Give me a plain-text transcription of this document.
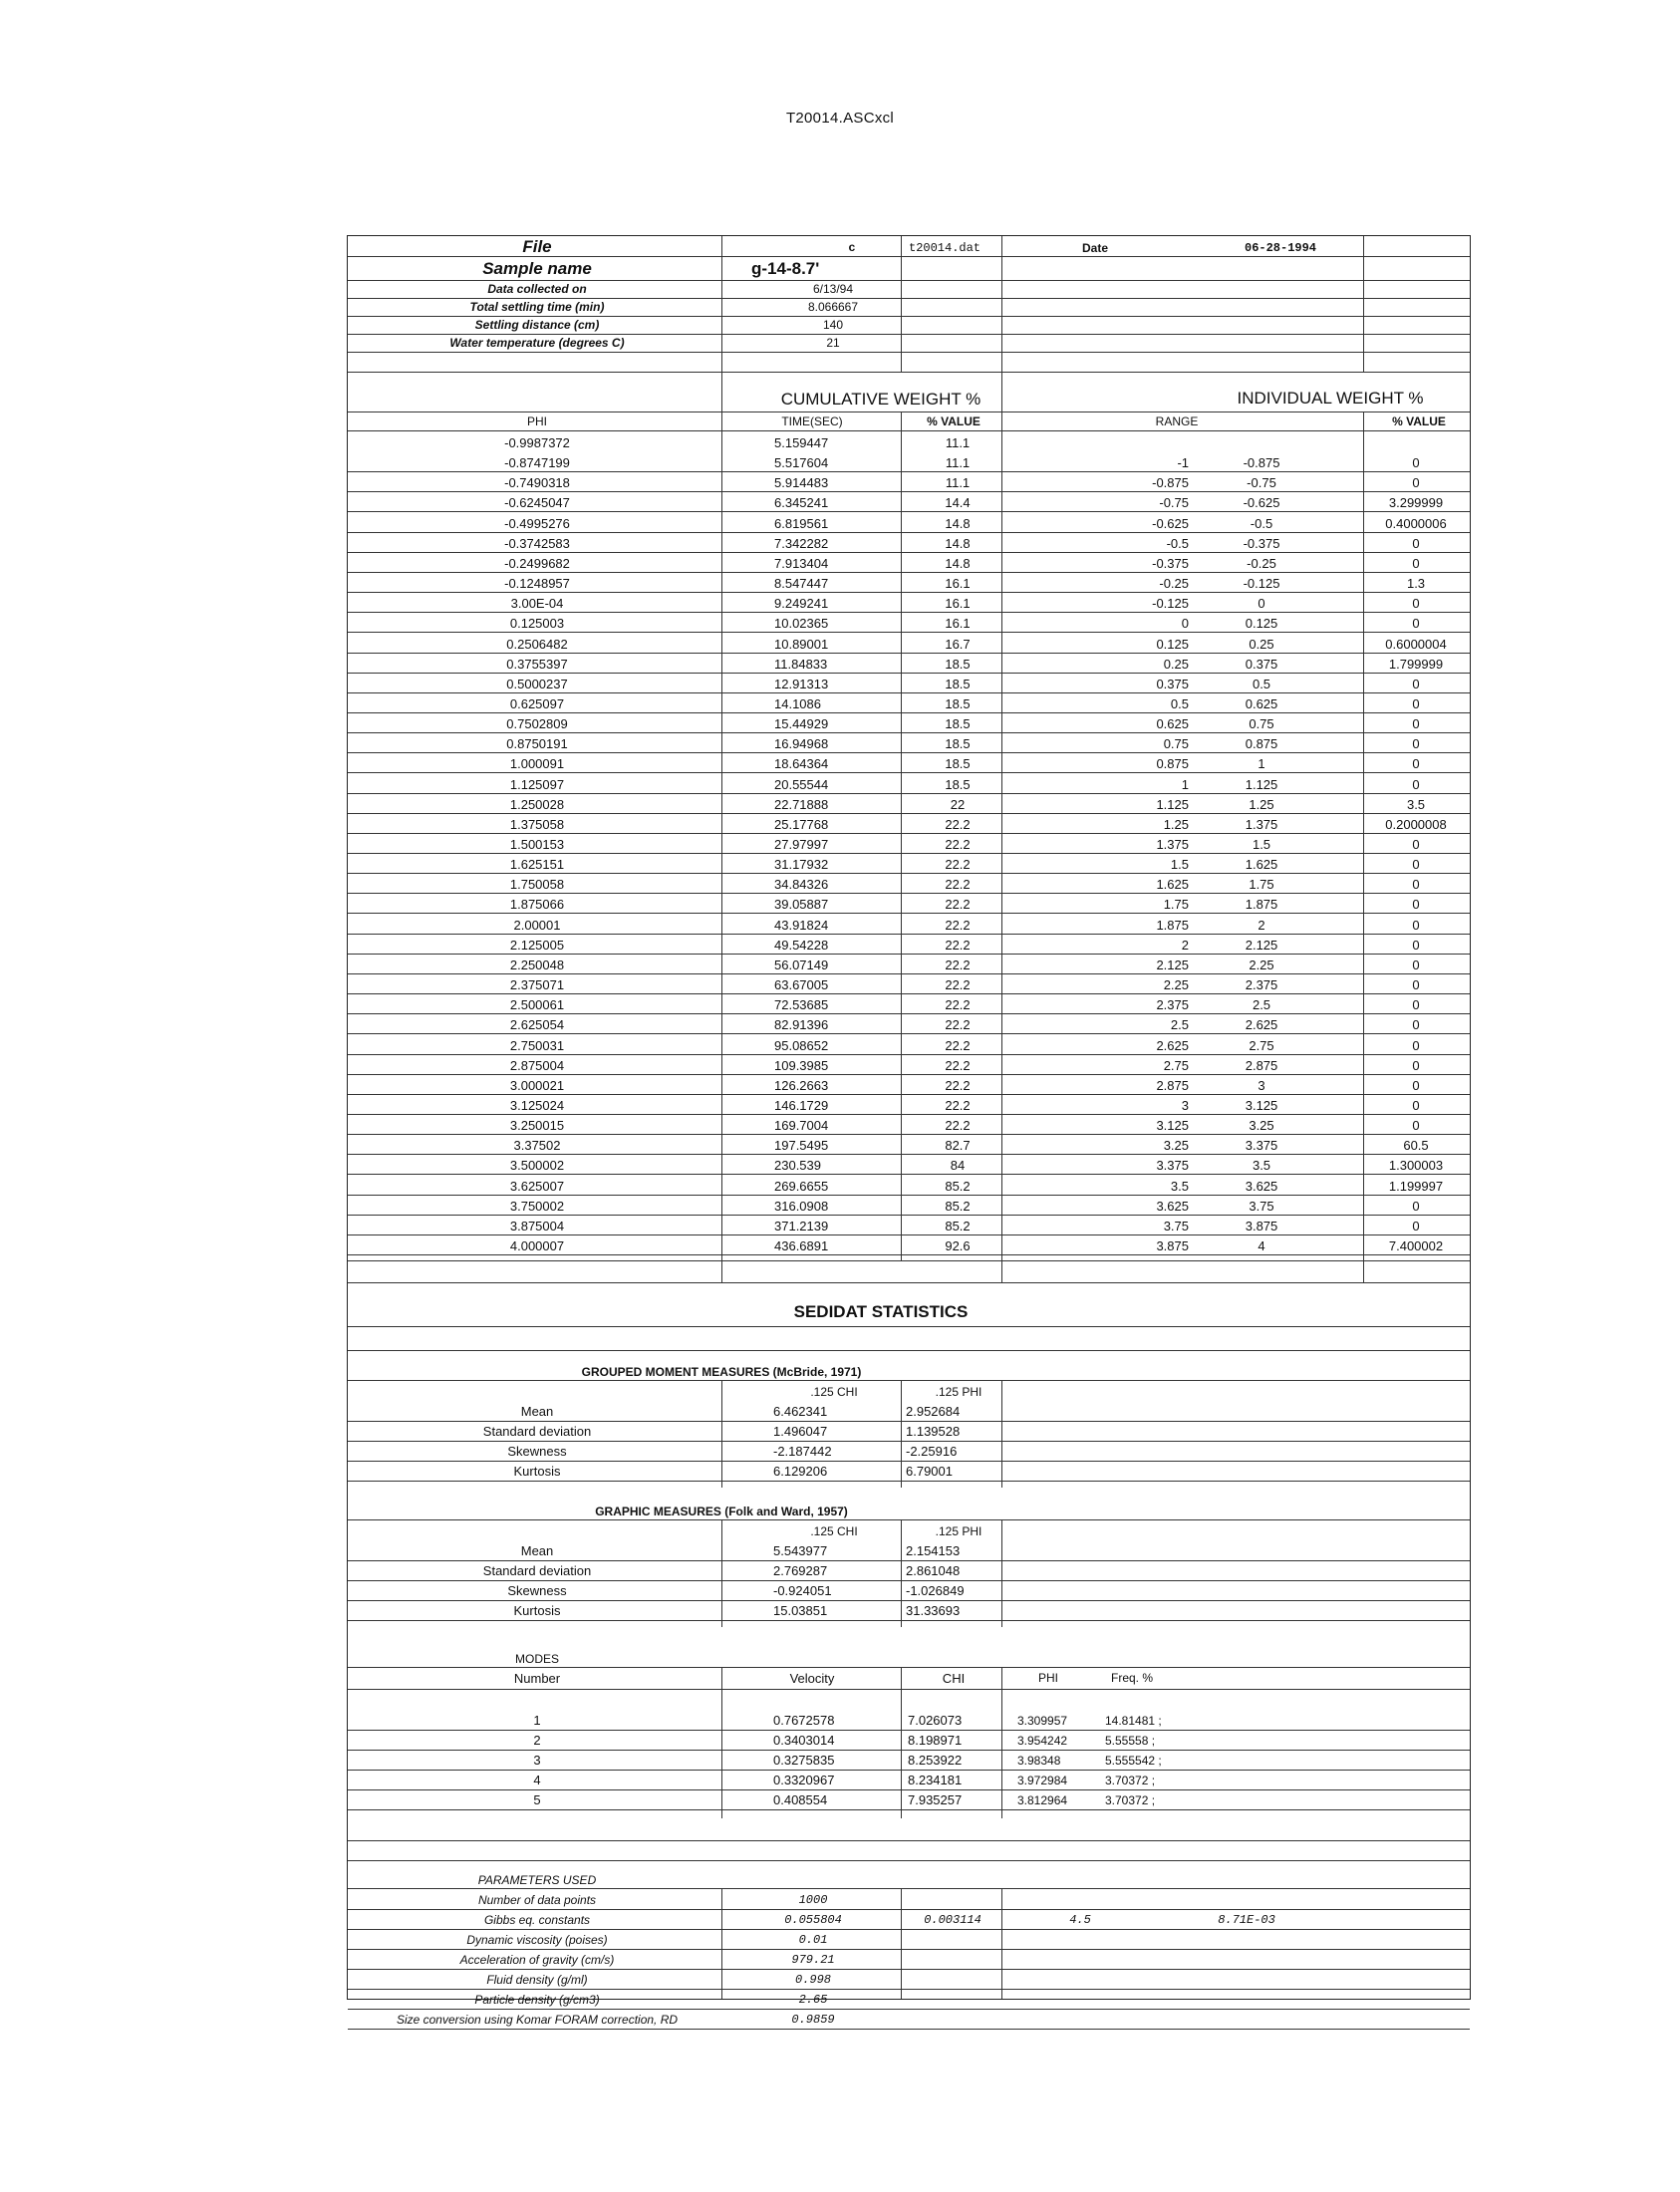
T20014.ASCxcl
File	c	t20014.dat	Date	06-28-1994
Sample name	g-14-8.7'
Data collected on	6/13/94
Total settling time (min)	8.066667
Settling distance (cm)	140
Water temperature (degrees C)	21
CUMULATIVE WEIGHT %	INDIVIDUAL WEIGHT %
PHI	TIME(SEC)	% VALUE	RANGE	% VALUE
-0.9987372	5.159447	11.1
-0.8747199	5.517604	11.1	-1	-0.875	0
-0.7490318	5.914483	11.1	-0.875	-0.75	0
-0.6245047	6.345241	14.4	-0.75	-0.625	3.299999
-0.4995276	6.819561	14.8	-0.625	-0.5	0.4000006
-0.3742583	7.342282	14.8	-0.5	-0.375	0
-0.2499682	7.913404	14.8	-0.375	-0.25	0
-0.1248957	8.547447	16.1	-0.25	-0.125	1.3
3.00E-04	9.249241	16.1	-0.125	0	0
0.125003	10.02365	16.1	0	0.125	0
0.2506482	10.89001	16.7	0.125	0.25	0.6000004
0.3755397	11.84833	18.5	0.25	0.375	1.799999
0.5000237	12.91313	18.5	0.375	0.5	0
0.625097	14.1086	18.5	0.5	0.625	0
0.7502809	15.44929	18.5	0.625	0.75	0
0.8750191	16.94968	18.5	0.75	0.875	0
1.000091	18.64364	18.5	0.875	1	0
1.125097	20.55544	18.5	1	1.125	0
1.250028	22.71888	22	1.125	1.25	3.5
1.375058	25.17768	22.2	1.25	1.375	0.2000008
1.500153	27.97997	22.2	1.375	1.5	0
1.625151	31.17932	22.2	1.5	1.625	0
1.750058	34.84326	22.2	1.625	1.75	0
1.875066	39.05887	22.2	1.75	1.875	0
2.00001	43.91824	22.2	1.875	2	0
2.125005	49.54228	22.2	2	2.125	0
2.250048	56.07149	22.2	2.125	2.25	0
2.375071	63.67005	22.2	2.25	2.375	0
2.500061	72.53685	22.2	2.375	2.5	0
2.625054	82.91396	22.2	2.5	2.625	0
2.750031	95.08652	22.2	2.625	2.75	0
2.875004	109.3985	22.2	2.75	2.875	0
3.000021	126.2663	22.2	2.875	3	0
3.125024	146.1729	22.2	3	3.125	0
3.250015	169.7004	22.2	3.125	3.25	0
3.37502	197.5495	82.7	3.25	3.375	60.5
3.500002	230.539	84	3.375	3.5	1.300003
3.625007	269.6655	85.2	3.5	3.625	1.199997
3.750002	316.0908	85.2	3.625	3.75	0
3.875004	371.2139	85.2	3.75	3.875	0
4.000007	436.6891	92.6	3.875	4	7.400002
SEDIDAT STATISTICS
GROUPED MOMENT MEASURES (McBride, 1971)
.125 CHI	.125 PHI
Mean	6.462341	2.952684
Standard deviation	1.496047	1.139528
Skewness	-2.187442	-2.25916
Kurtosis	6.129206	6.79001
GRAPHIC MEASURES (Folk and Ward, 1957)
.125 CHI	.125 PHI
Mean	5.543977	2.154153
Standard deviation	2.769287	2.861048
Skewness	-0.924051	-1.026849
Kurtosis	15.03851	31.33693
MODES
Number	Velocity	CHI	PHI	Freq. %
1	0.7672578	7.026073	3.309957	14.81481 ;
2	0.3403014	8.198971	3.954242	5.55558 ;
3	0.3275835	8.253922	3.98348	5.555542 ;
4	0.3320967	8.234181	3.972984	3.70372 ;
5	0.408554	7.935257	3.812964	3.70372 ;
PARAMETERS USED
Number of data points	1000
Gibbs eq. constants	0.055804	0.003114	4.5	8.71E-03
Dynamic viscosity (poises)	0.01
Acceleration of gravity (cm/s)	979.21
Fluid density (g/ml)	0.998
Particle density (g/cm3)	2.65
Size conversion using Komar FORAM correction, RD	0.9859
